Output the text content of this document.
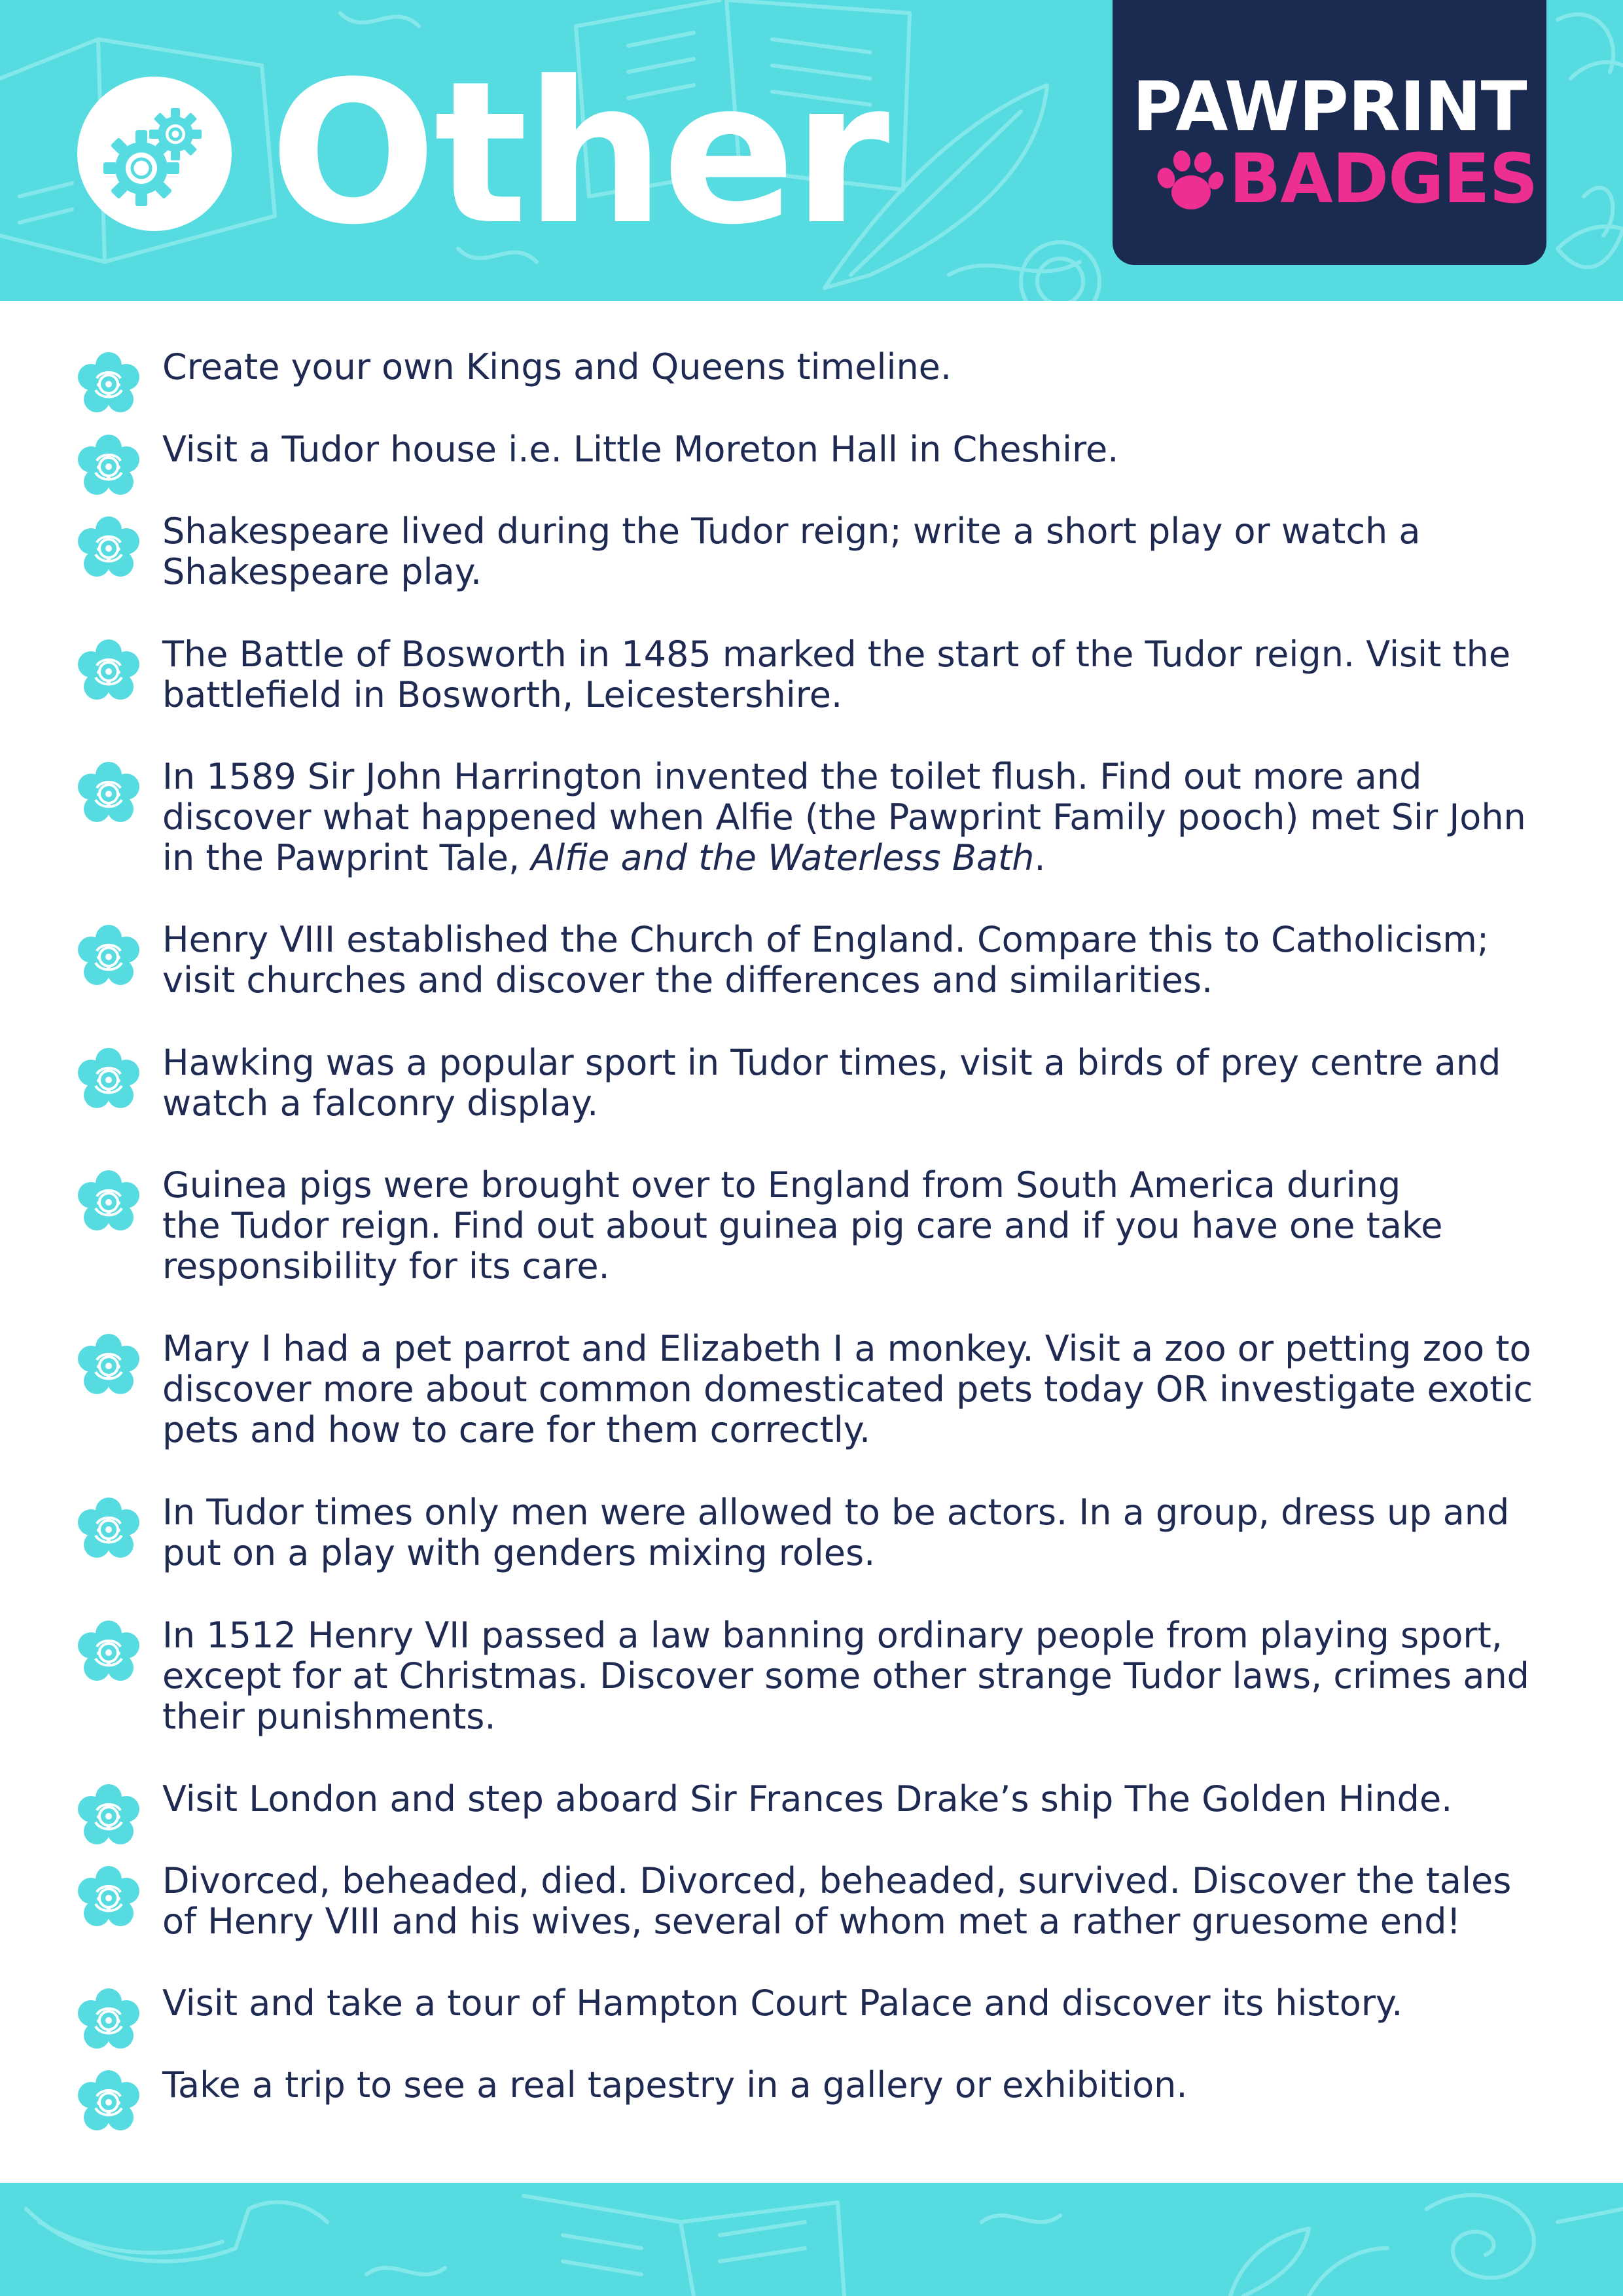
Other	PAWPRINT
BADGES
Create your own Kings and Queens timeline.
Visit a Tudor house i.e. Little Moreton Hall in Cheshire.
Shakespeare lived during the Tudor reign; write a short play or watch a
Shakespeare play.
The Battle of Bosworth in 1485 marked the start of the Tudor reign. Visit the
battlefield in Bosworth, Leicestershire.
In 1589 Sir John Harrington invented the toilet flush. Find out more and
discover what happened when Alfie (the Pawprint Family pooch) met Sir John
in the Pawprint Tale, Alfie and the Waterless Bath.
Henry VIII established the Church of England. Compare this to Catholicism;
visit churches and discover the differences and similarities.
Hawking was a popular sport in Tudor times, visit a birds of prey centre and
watch a falconry display.
Guinea pigs were brought over to England from South America during
the Tudor reign. Find out about guinea pig care and if you have one take
responsibility for its care.
Mary I had a pet parrot and Elizabeth I a monkey. Visit a zoo or petting zoo to
discover more about common domesticated pets today OR investigate exotic
pets and how to care for them correctly.
In Tudor times only men were allowed to be actors. In a group, dress up and
put on a play with genders mixing roles.
In 1512 Henry VII passed a law banning ordinary people from playing sport,
except for at Christmas. Discover some other strange Tudor laws, crimes and
their punishments.
Visit London and step aboard Sir Frances Drake’s ship The Golden Hinde.
Divorced, beheaded, died. Divorced, beheaded, survived. Discover the tales
of Henry VIII and his wives, several of whom met a rather gruesome end!
Visit and take a tour of Hampton Court Palace and discover its history.
Take a trip to see a real tapestry in a gallery or exhibition.
